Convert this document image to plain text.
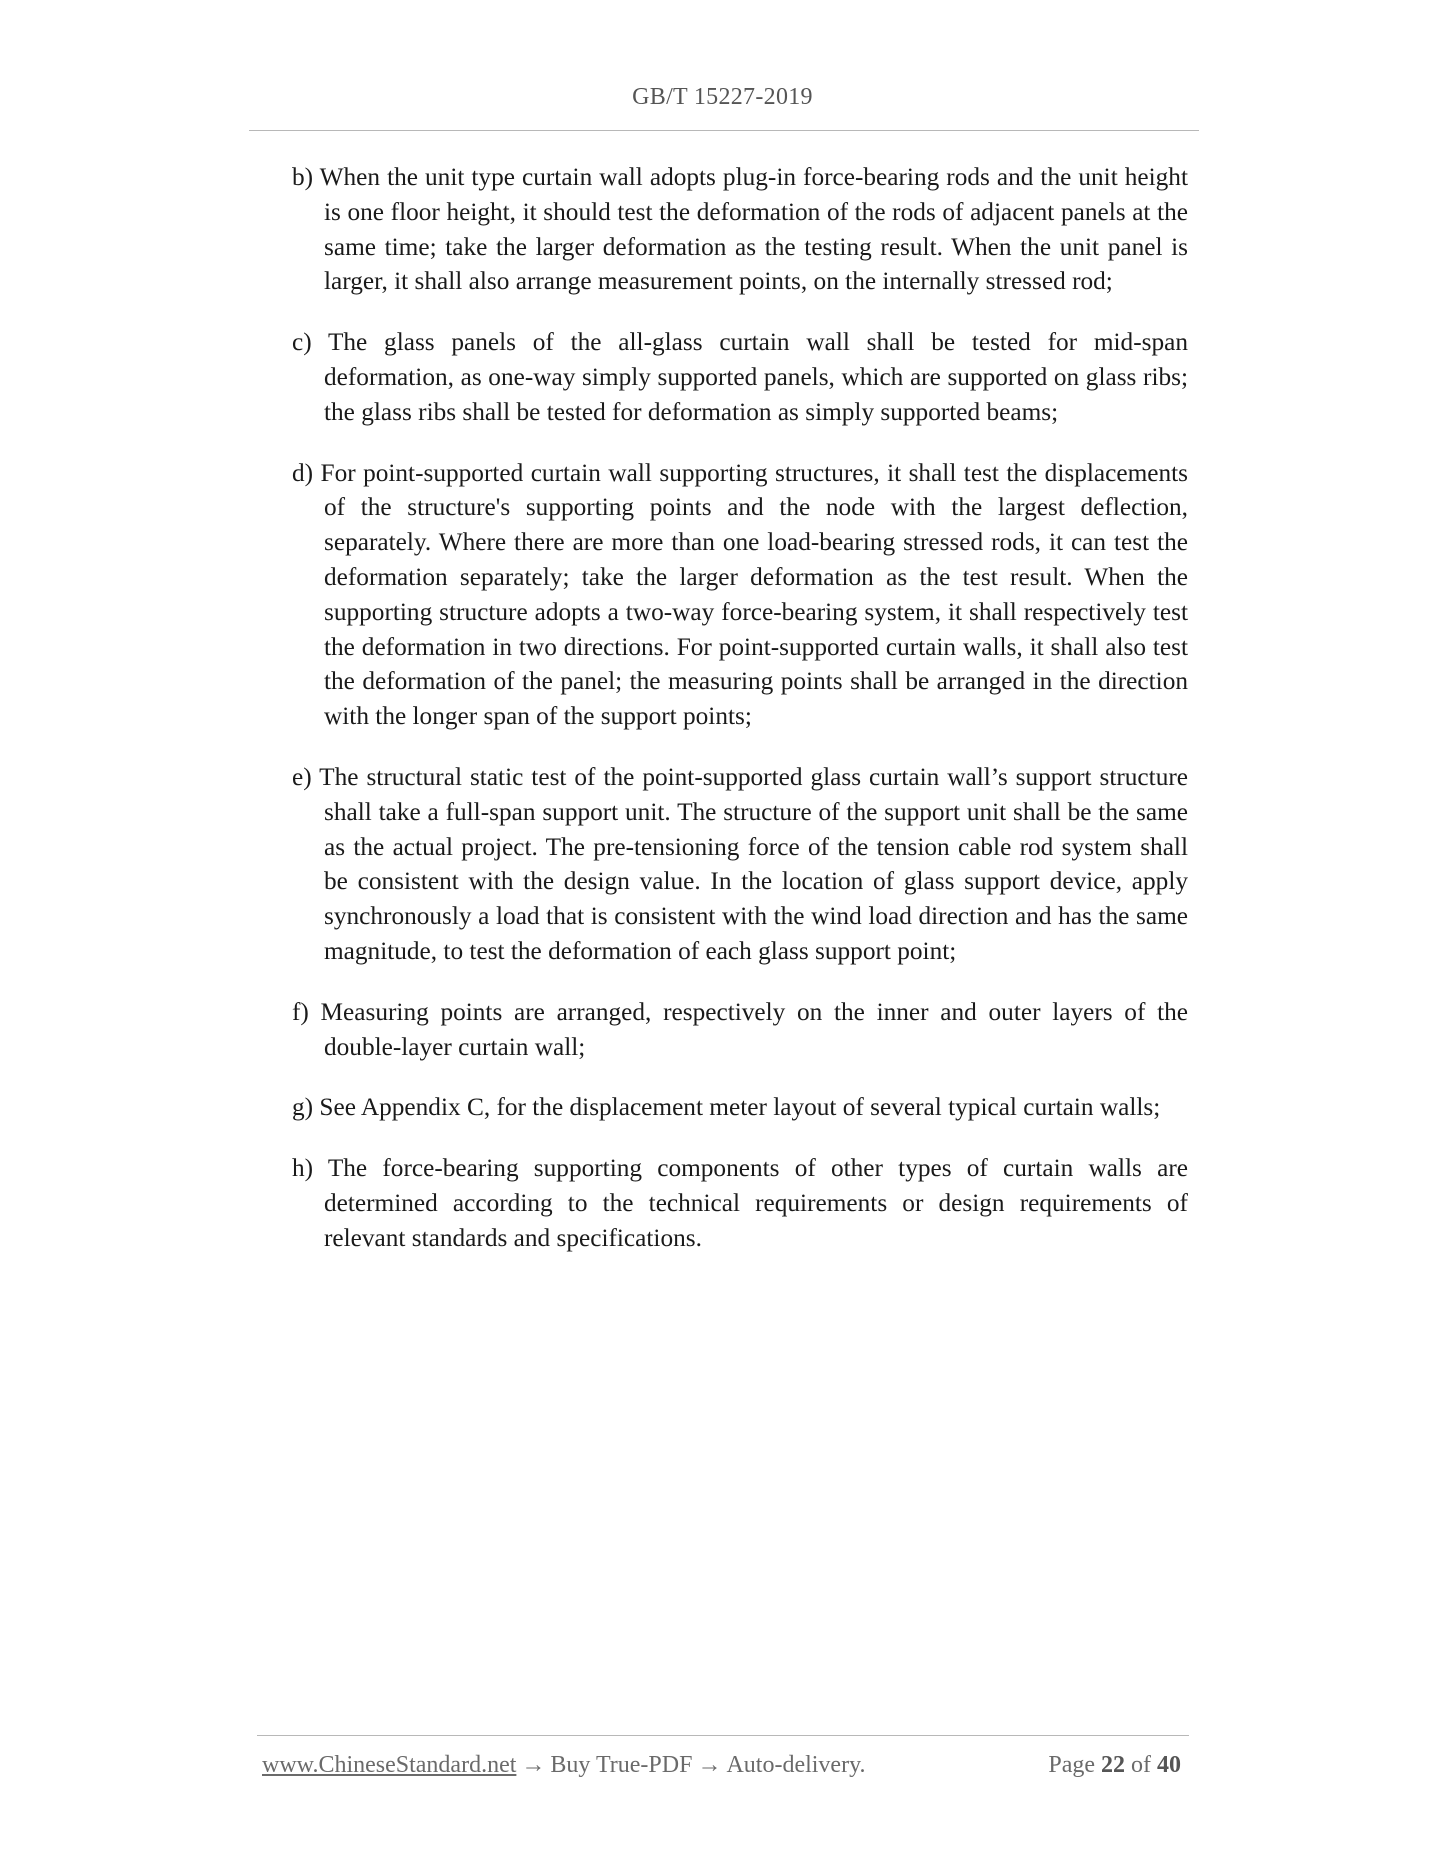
GB/T 15227-2019

b) When the unit type curtain wall adopts plug-in force-bearing rods and the unit height is one floor height, it should test the deformation of the rods of adjacent panels at the same time; take the larger deformation as the testing result. When the unit panel is larger, it shall also arrange measurement points, on the internally stressed rod;

c) The glass panels of the all-glass curtain wall shall be tested for mid-span deformation, as one-way simply supported panels, which are supported on glass ribs; the glass ribs shall be tested for deformation as simply supported beams;

d) For point-supported curtain wall supporting structures, it shall test the displacements of the structure's supporting points and the node with the largest deflection, separately. Where there are more than one load-bearing stressed rods, it can test the deformation separately; take the larger deformation as the test result. When the supporting structure adopts a two-way force-bearing system, it shall respectively test the deformation in two directions. For point-supported curtain walls, it shall also test the deformation of the panel; the measuring points shall be arranged in the direction with the longer span of the support points;

e) The structural static test of the point-supported glass curtain wall’s support structure shall take a full-span support unit. The structure of the support unit shall be the same as the actual project. The pre-tensioning force of the tension cable rod system shall be consistent with the design value. In the location of glass support device, apply synchronously a load that is consistent with the wind load direction and has the same magnitude, to test the deformation of each glass support point;

f) Measuring points are arranged, respectively on the inner and outer layers of the double-layer curtain wall;

g) See Appendix C, for the displacement meter layout of several typical curtain walls;

h) The force-bearing supporting components of other types of curtain walls are determined according to the technical requirements or design requirements of relevant standards and specifications.

www.ChineseStandard.net → Buy True-PDF → Auto-delivery.	Page 22 of 40
